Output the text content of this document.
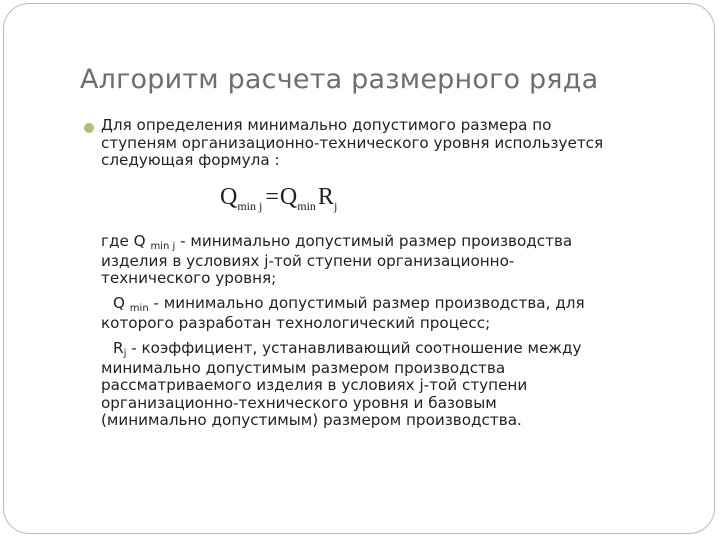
Алгоритм расчета размерного ряда
Для определения минимально допустимого размера по
ступеням организационно-технического уровня используется
следующая формула :
$Q_{min j} =Q_{min}R_j$
где Q min j - минимально допустимый размер производства
изделия в условиях j-той ступени организационно-
технического уровня;
Q min - минимально допустимый размер производства, для
которого разработан технологический процесс;
Rj - коэффициент, устанавливающий соотношение между
минимально допустимым размером производства
рассматриваемого изделия в условиях j-той ступени
организационно-технического уровня и базовым
(минимально допустимым) размером производства.
